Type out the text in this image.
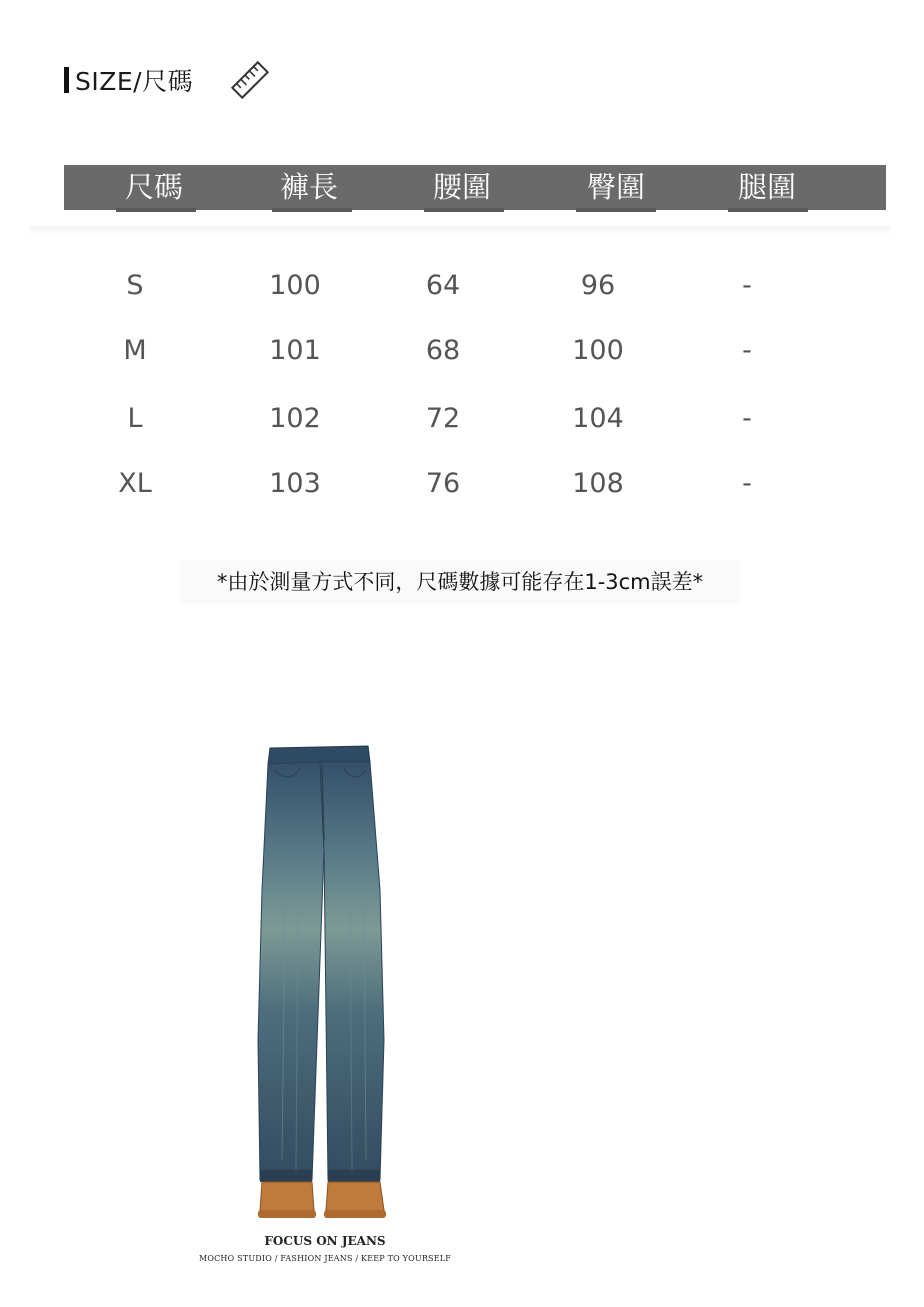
SIZE/尺碼
尺碼	褲長	腰圍	臀圍	腿圍
S	100	64	96	-
M	101	68	100	-
L	102	72	104	-
XL	103	76	108	-
*由於測量方式不同，尺碼數據可能存在1-3cm誤差*
FOCUS ON JEANS
MOCHO STUDIO / FASHION JEANS / KEEP TO YOURSELF
